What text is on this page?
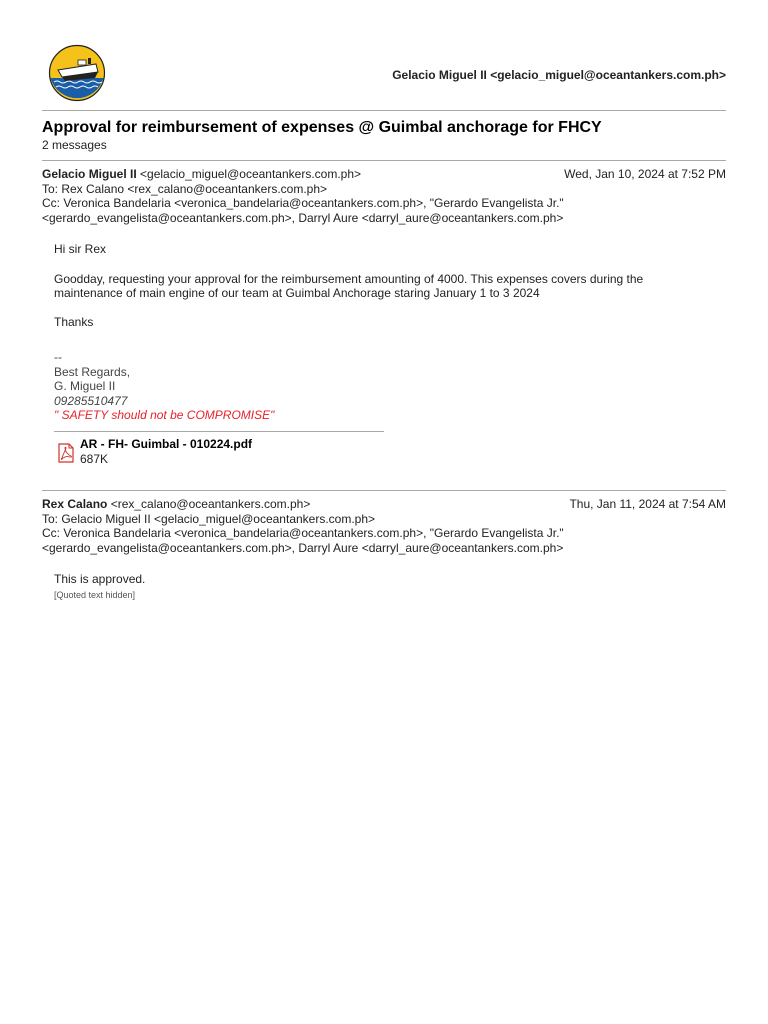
Gelacio Miguel II <gelacio_miguel@oceantankers.com.ph>
Approval for reimbursement of expenses @ Guimbal anchorage for FHCY
2 messages
Gelacio Miguel II <gelacio_miguel@oceantankers.com.ph>	Wed, Jan 10, 2024 at 7:52 PM
To: Rex Calano <rex_calano@oceantankers.com.ph>
Cc: Veronica Bandelaria <veronica_bandelaria@oceantankers.com.ph>, "Gerardo Evangelista Jr."
<gerardo_evangelista@oceantankers.com.ph>, Darryl Aure <darryl_aure@oceantankers.com.ph>

Hi sir Rex

Goodday, requesting your approval for the reimbursement amounting of 4000. This expenses covers during the
maintenance of main engine of our team at Guimbal Anchorage staring January 1 to 3 2024

Thanks

--
Best Regards,
G. Miguel II
09285510477
" SAFETY should not be COMPROMISE"
AR - FH- Guimbal - 010224.pdf
687K
Rex Calano <rex_calano@oceantankers.com.ph>	Thu, Jan 11, 2024 at 7:54 AM
To: Gelacio Miguel II <gelacio_miguel@oceantankers.com.ph>
Cc: Veronica Bandelaria <veronica_bandelaria@oceantankers.com.ph>, "Gerardo Evangelista Jr."
<gerardo_evangelista@oceantankers.com.ph>, Darryl Aure <darryl_aure@oceantankers.com.ph>
This is approved.
[Quoted text hidden]
